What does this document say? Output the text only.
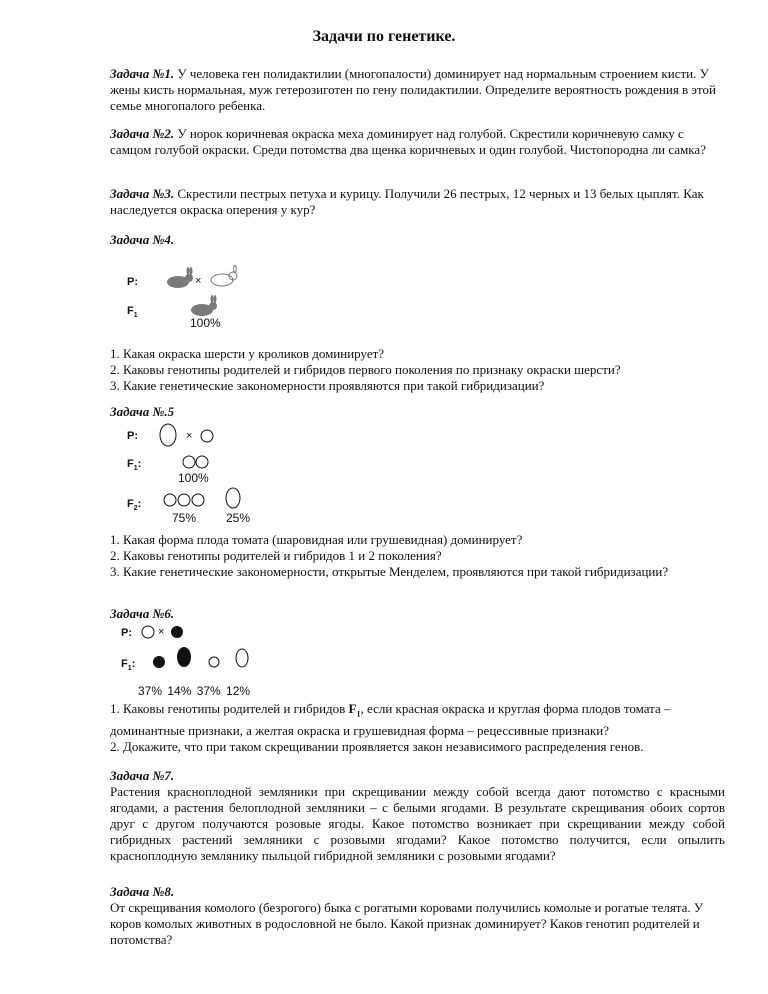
Задачи по генетике.
Задача №1. У человека ген полидактилии (многопалости) доминирует над нормальным строением кисти. У жены кисть нормальная, муж гетерозиготен по гену полидактилии. Определите вероятность рождения в этой семье многопалого ребенка.
Задача №2. У норок коричневая окраска меха доминирует над голубой. Скрестили коричневую самку с самцом голубой окраски. Среди потомства два щенка коричневых и один голубой. Чистопородна ли самка?
Задача №3. Скрестили пестрых петуха и курицу. Получили 26 пестрых, 12 черных и 13 белых цыплят. Как наследуется окраска оперения у кур?
Задача №4.
P:	×
$F_1$
100%
1. Какая окраска шерсти у кроликов доминирует?
2. Каковы генотипы родителей и гибридов первого поколения по признаку окраски шерсти?
3. Какие генетические закономерности проявляются при такой гибридизации?
Задача №.5
P:	×
$F_1$:
100%
$F_2$:
75% 25%
1. Какая форма плода томата (шаровидная или грушевидная) доминирует?
2. Каковы генотипы родителей и гибридов 1 и 2 поколения?
3. Какие генетические закономерности, открытые Менделем, проявляются при такой гибридизации?
Задача №6.
P: ×
$F_1$:
37% 14% 37% 12%
1. Каковы генотипы родителей и гибридов $F_1$, если красная окраска и круглая форма плодов томата – доминантные признаки, а желтая окраска и грушевидная форма – рецессивные признаки?
2. Докажите, что при таком скрещивании проявляется закон независимого распределения генов.
Задача №7.
Растения красноплодной земляники при скрещивании между собой всегда дают потомство с красными ягодами, а растения белоплодной земляники – с белыми ягодами. В результате скрещивания обоих сортов друг с другом получаются розовые ягоды. Какое потомство возникает при скрещивании между собой гибридных растений земляники с розовыми ягодами? Какое потомство получится, если опылить красноплодную землянику пыльцой гибридной земляники с розовыми ягодами?
Задача №8.
От скрещивания комолого (безрогого) быка с рогатыми коровами получились комолые и рогатые телята. У коров комолых животных в родословной не было. Какой признак доминирует? Каков генотип родителей и потомства?
